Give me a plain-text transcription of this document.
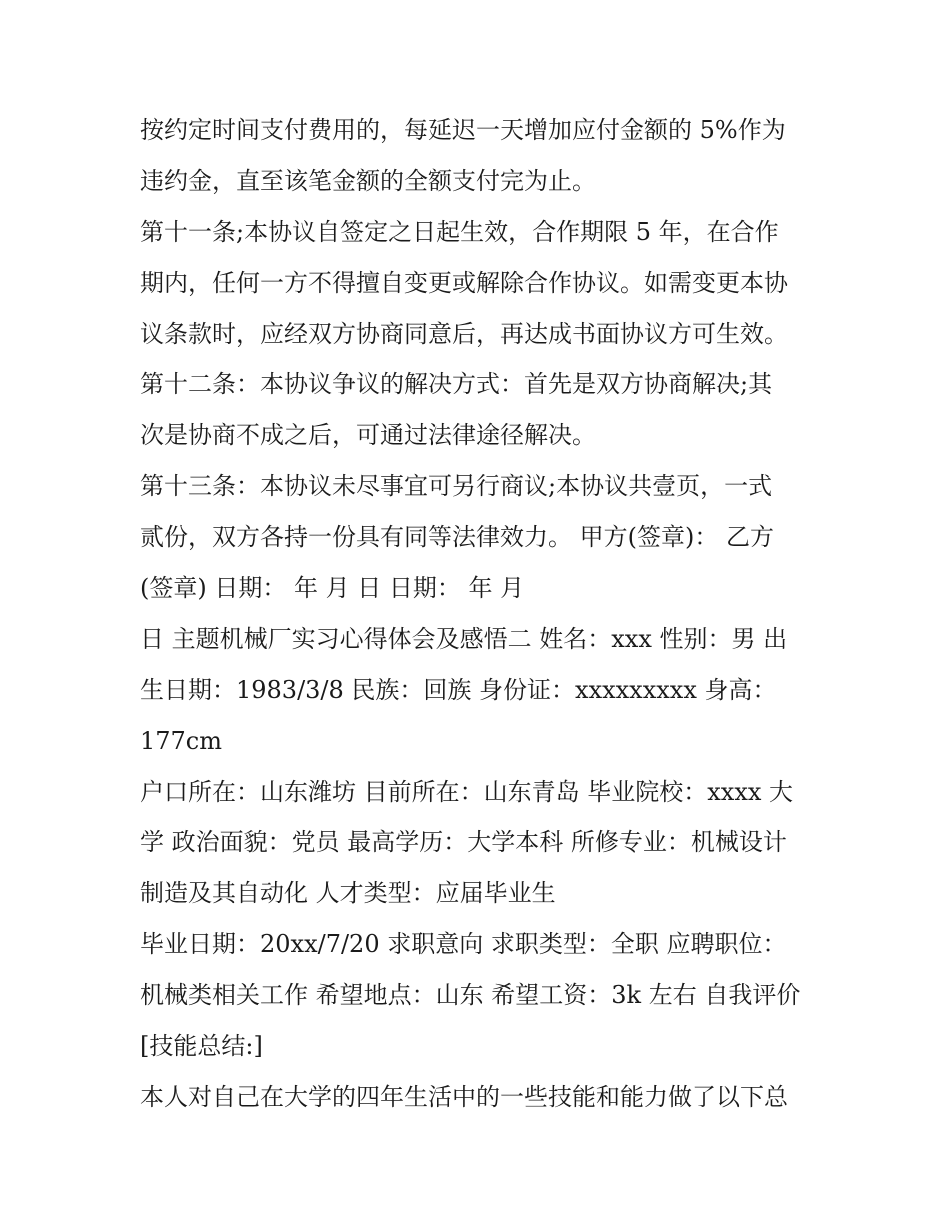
按约定时间支付费用的，每延迟一天增加应付金额的 5%作为
违约金，直至该笔金额的全额支付完为止。
第十一条;本协议自签定之日起生效，合作期限 5 年，在合作
期内，任何一方不得擅自变更或解除合作协议。如需变更本协
议条款时，应经双方协商同意后，再达成书面协议方可生效。
第十二条：本协议争议的解决方式：首先是双方协商解决;其
次是协商不成之后，可通过法律途径解决。
第十三条：本协议未尽事宜可另行商议;本协议共壹页，一式
贰份，双方各持一份具有同等法律效力。 甲方(签章)： 乙方
(签章) 日期： 年 月 日 日期： 年 月
日 主题机械厂实习心得体会及感悟二 姓名：xxx 性别：男 出
生日期：1983/3/8 民族：回族 身份证：xxxxxxxxx 身高：
177cm
户口所在：山东潍坊 目前所在：山东青岛 毕业院校：xxxx 大
学 政治面貌：党员 最高学历：大学本科 所修专业：机械设计
制造及其自动化 人才类型：应届毕业生
毕业日期：20xx/7/20 求职意向 求职类型：全职 应聘职位：
机械类相关工作 希望地点：山东 希望工资：3k 左右 自我评价
[技能总结:]
本人对自己在大学的四年生活中的一些技能和能力做了以下总
